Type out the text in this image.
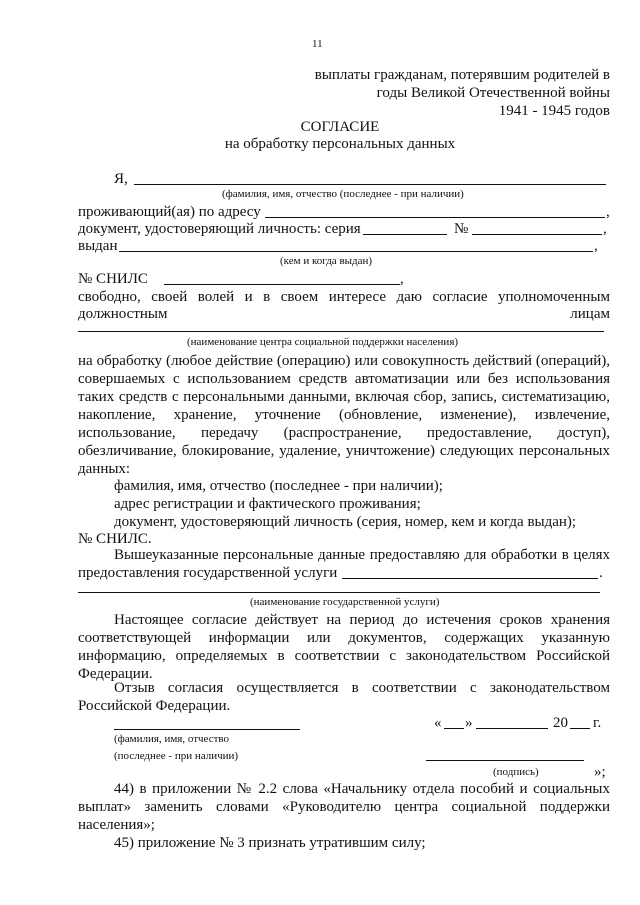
11
выплаты гражданам, потерявшим родителей в
годы Великой Отечественной войны
1941 - 1945 годов
СОГЛАСИЕ
на обработку персональных данных
Я,
(фамилия, имя, отчество (последнее - при наличии)
проживающий(ая) по адресу	,
документ, удостоверяющий личность: серия	№	,
выдан	,
(кем и когда выдан)
№ СНИЛС	,
свободно, своей волей и в своем интересе даю согласие уполномоченным
должностным	лицам
(наименование центра социальной поддержки населения)
на обработку (любое действие (операцию) или совокупность действий (операций),
совершаемых с использованием средств автоматизации или без использования
таких средств с персональными данными, включая сбор, запись, систематизацию,
накопление, хранение, уточнение (обновление, изменение), извлечение,
использование, передачу (распространение, предоставление, доступ),
обезличивание, блокирование, удаление, уничтожение) следующих персональных
данных:
фамилия, имя, отчество (последнее - при наличии);
адрес регистрации и фактического проживания;
документ, удостоверяющий личность (серия, номер, кем и когда выдан);
№ СНИЛС.
Вышеуказанные персональные данные предоставляю для обработки в целях
предоставления государственной услуги	.
(наименование государственной услуги)
Настоящее согласие действует на период до истечения сроков хранения
соответствующей информации или документов, содержащих указанную
информацию, определяемых в соответствии с законодательством Российской
Федерации.
Отзыв согласия осуществляется в соответствии с законодательством
Российской Федерации.
(фамилия, имя, отчество
(последнее - при наличии)
« »	20 г.
(подпись)	»;
44) в приложении № 2.2 слова «Начальнику отдела пособий и социальных
выплат» заменить словами «Руководителю центра социальной поддержки
населения»;
45) приложение № 3 признать утратившим силу;
